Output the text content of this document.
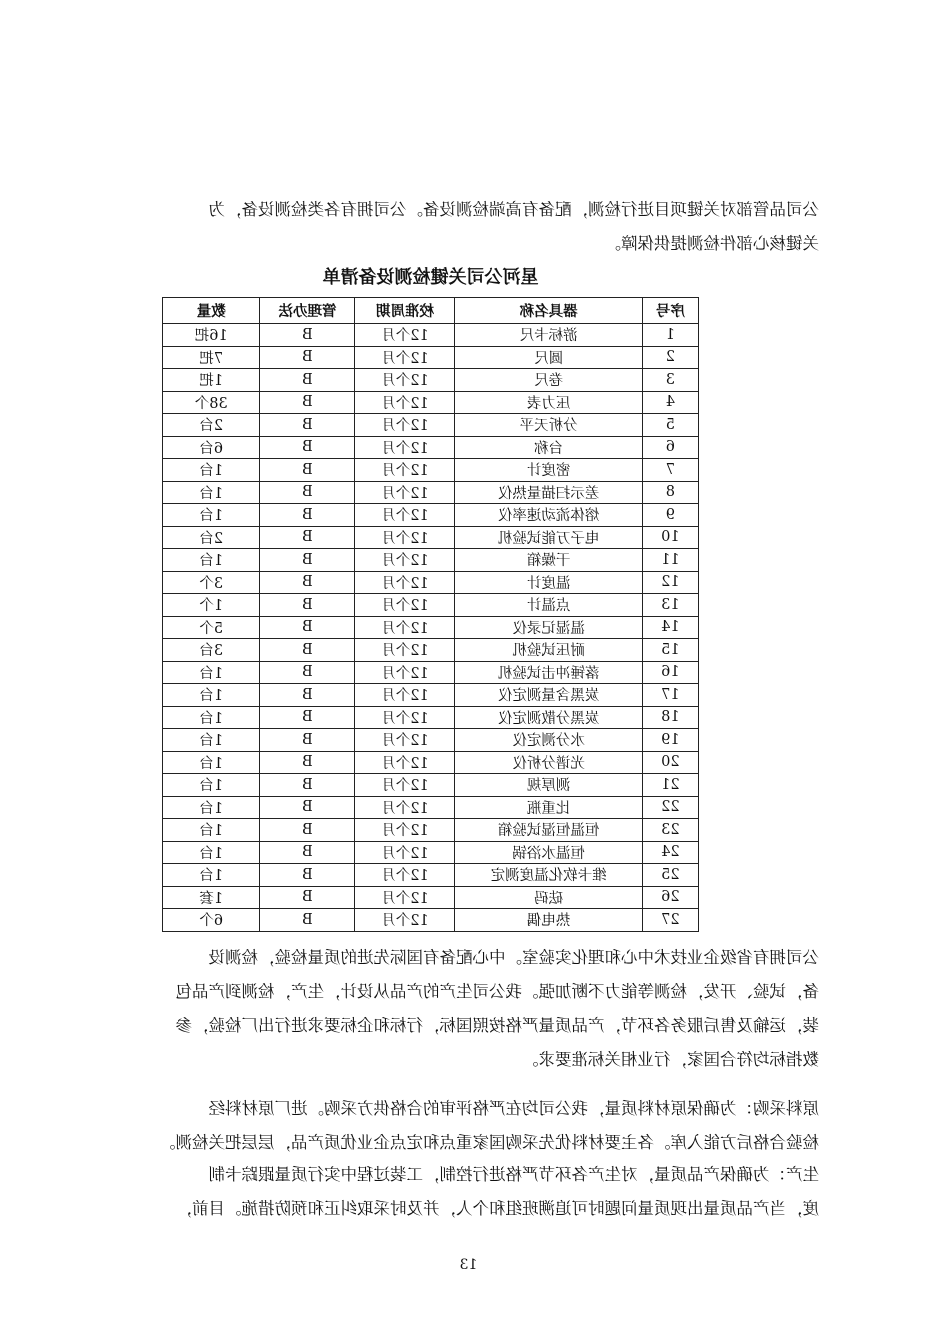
公司品管部对关键项目进行检测，配备有高端检测设备。公司拥有各类检测设备，为

关键核心部件检测提供保障。

星河公司关键检测设备清单
序号	器具名称	校准周期	管理办法	数量
1	游标卡尺	12个月	B	16把
2	圆尺	12个月	B	7把
3	卷尺	12个月	B	1把
4	压力表	12个月	B	38个
5	分析天平	12个月	B	2台
6	台称	12个月	B	6台
7	密度计	12个月	B	1台
8	差示扫描量热仪	12个月	B	1台
9	熔体流动速率仪	12个月	B	1台
10	电子万能试验机	12个月	B	2台
11	干燥箱	12个月	B	1台
12	温度计	12个月	B	3个
13	点温计	12个月	B	1个
14	温湿记录仪	12个月	B	5个
15	耐压试验机	12个月	B	3台
16	落锤冲击试验机	12个月	B	1台
17	炭黑含量测定仪	12个月	B	1台
18	炭黑分散测定仪	12个月	B	1台
19	水分测定仪	12个月	B	1台
20	光谱分析仪	12个月	B	1台
21	测厚规	12个月	B	1台
22	比重瓶	12个月	B	1台
23	恒温恒湿试验箱	12个月	B	1台
24	恒温水浴锅	12个月	B	1台
25	维卡软化温度测定	12个月	B	1台
26	砝码	12个月	B	1套
27	热电偶	12个月	B	6个

公司拥有省级企业技术中心和理化实验室。中心配备有国际先进的质量检验，检测设

备，试验、开发，检测等能力不断加强。我公司生产的产品从设计，生产，检测到产品包

装，运输及售后服务各环节，产品质量严格按照国标，行标和企标要求进行出厂检验，参

数指标均符合国家，行业相关标准要求。

原料采购：为确保原材料质量，我公司均在严格评审的合格供方采购。进厂原材料经

检验合格后方能入库。各主要材料优先采购国家重点和定点企业优质产品，层层把关检测。

生产：为确保产品质量，对生产各环节严格进行控制，工装过程中实行质量跟踪卡制

度，当产品质量出现质量问题时可追溯班组和个人，并及时采取纠正和预防措施。目前，

13
